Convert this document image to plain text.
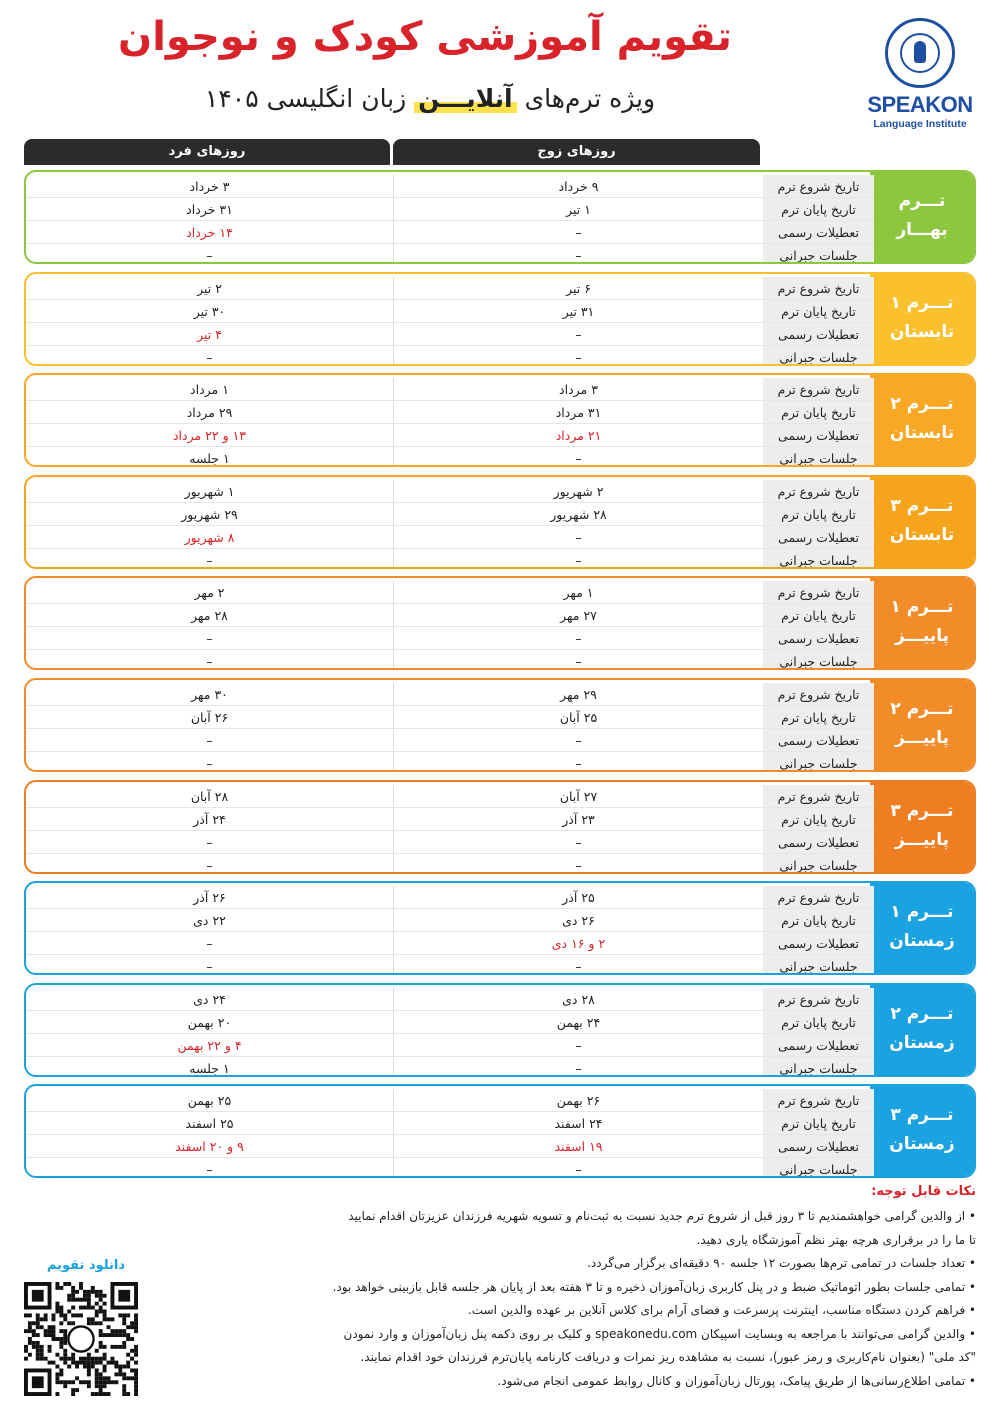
تقویم آموزشی کودک و نوجوان
ویژه ترم‌های آنلایـــن زبان انگلیسی ۱۴۰۵	SPEAKON
Language Institute
روزهای زوج
روزهای فرد
تـــرم
بهـــار
تاریخ شروع ترم
۹ خرداد
۳ خرداد
تاریخ پایان ترم
۱ تیر
۳۱ خرداد
تعطیلات رسمی
–
۱۴ خرداد
جلسات جبرانی
–
–
تـــرم ۱
تابستان
تاریخ شروع ترم
۶ تیر
۲ تیر
تاریخ پایان ترم
۳۱ تیر
۳۰ تیر
تعطیلات رسمی
–
۴ تیر
جلسات جبرانی
–
–
تـــرم ۲
تابستان
تاریخ شروع ترم
۳ مرداد
۱ مرداد
تاریخ پایان ترم
۳۱ مرداد
۲۹ مرداد
تعطیلات رسمی
۲۱ مرداد
۱۳ و ۲۲ مرداد
جلسات جبرانی
–
۱ جلسه
تـــرم ۳
تابستان
تاریخ شروع ترم
۲ شهریور
۱ شهریور
تاریخ پایان ترم
۲۸ شهریور
۲۹ شهریور
تعطیلات رسمی
–
۸ شهریور
جلسات جبرانی
–
–
تـــرم ۱
پاییـــز
تاریخ شروع ترم
۱ مهر
۲ مهر
تاریخ پایان ترم
۲۷ مهر
۲۸ مهر
تعطیلات رسمی
–
–
جلسات جبرانی
–
–
تـــرم ۲
پاییـــز
تاریخ شروع ترم
۲۹ مهر
۳۰ مهر
تاریخ پایان ترم
۲۵ آبان
۲۶ آبان
تعطیلات رسمی
–
–
جلسات جبرانی
–
–
تـــرم ۳
پاییـــز
تاریخ شروع ترم
۲۷ آبان
۲۸ آبان
تاریخ پایان ترم
۲۳ آذر
۲۴ آذر
تعطیلات رسمی
–
–
جلسات جبرانی
–
–
تـــرم ۱
زمستان
تاریخ شروع ترم
۲۵ آذر
۲۶ آذر
تاریخ پایان ترم
۲۶ دی
۲۲ دی
تعطیلات رسمی
۲ و ۱۶ دی
–
جلسات جبرانی
–
–
تـــرم ۲
زمستان
تاریخ شروع ترم
۲۸ دی
۲۴ دی
تاریخ پایان ترم
۲۴ بهمن
۲۰ بهمن
تعطیلات رسمی
–
۴ و ۲۲ بهمن
جلسات جبرانی
–
۱ جلسه
تـــرم ۳
زمستان
تاریخ شروع ترم
۲۶ بهمن
۲۵ بهمن
تاریخ پایان ترم
۲۴ اسفند
۲۵ اسفند
تعطیلات رسمی
۱۹ اسفند
۹ و ۲۰ اسفند
جلسات جبرانی
–
–
نکات قابل توجه:
• از والدین گرامی خواهشمندیم تا ۳ روز قبل از شروع ترم جدید نسبت به ثبت‌نام و تسویه شهریه فرزندان عزیزتان اقدام نمایید
تا ما را در برقراری هرچه بهتر نظم آموزشگاه یاری دهید.
• تعداد جلسات در تمامی ترم‌ها بصورت ۱۲ جلسه ۹۰ دقیقه‌ای برگزار می‌گردد.
• تمامی جلسات بطور اتوماتیک ضبط و در پنل کاربری زبان‌آموزان ذخیره و تا ۳ هفته بعد از پایان هر جلسه قابل بازبینی خواهد بود.
• فراهم کردن دستگاه مناسب، اینترنت پرسرعت و فضای آرام برای کلاس آنلاین بر عهده والدین است.
• والدین گرامی می‌توانند با مراجعه به وبسایت اسپیکان speakonedu.com و کلیک بر روی دکمه پنل زبان‌آموزان و وارد نمودن
"کد ملی" (بعنوان نام‌کاربری و رمز عبور)، نسبت به مشاهده ریز نمرات و دریافت کارنامه پایان‌ترم فرزندان خود اقدام نمایند.
• تمامی اطلاع‌رسانی‌ها از طریق پیامک، پورتال زبان‌آموزان و کانال روابط عمومی انجام می‌شود.
دانلود تقویم
